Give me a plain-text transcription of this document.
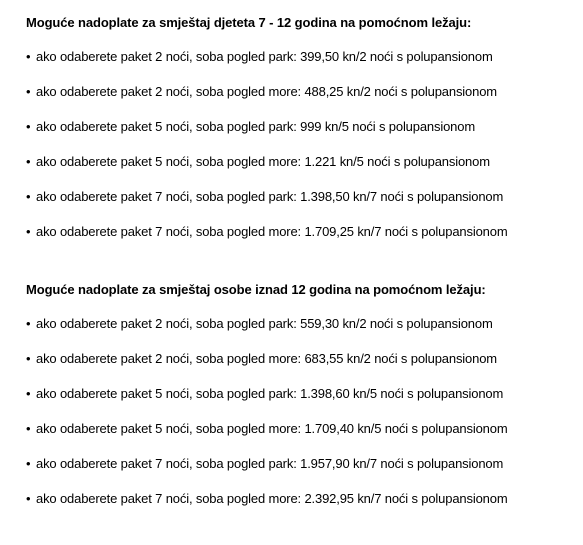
Moguće nadoplate za smještaj djeteta 7 - 12 godina na pomoćnom ležaju:
• ako odaberete paket 2 noći, soba pogled park: 399,50 kn/2 noći s polupansionom
• ako odaberete paket 2 noći, soba pogled more: 488,25 kn/2 noći s polupansionom
• ako odaberete paket 5 noći, soba pogled park: 999 kn/5 noći s polupansionom
• ako odaberete paket 5 noći, soba pogled more: 1.221 kn/5 noći s polupansionom
• ako odaberete paket 7 noći, soba pogled park: 1.398,50 kn/7 noći s polupansionom
• ako odaberete paket 7 noći, soba pogled more: 1.709,25 kn/7 noći s polupansionom
Moguće nadoplate za smještaj osobe iznad 12 godina na pomoćnom ležaju:
• ako odaberete paket 2 noći, soba pogled park: 559,30 kn/2 noći s polupansionom
• ako odaberete paket 2 noći, soba pogled more: 683,55 kn/2 noći s polupansionom
• ako odaberete paket 5 noći, soba pogled park: 1.398,60 kn/5 noći s polupansionom
• ako odaberete paket 5 noći, soba pogled more: 1.709,40 kn/5 noći s polupansionom
• ako odaberete paket 7 noći, soba pogled park: 1.957,90 kn/7 noći s polupansionom
• ako odaberete paket 7 noći, soba pogled more: 2.392,95 kn/7 noći s polupansionom
